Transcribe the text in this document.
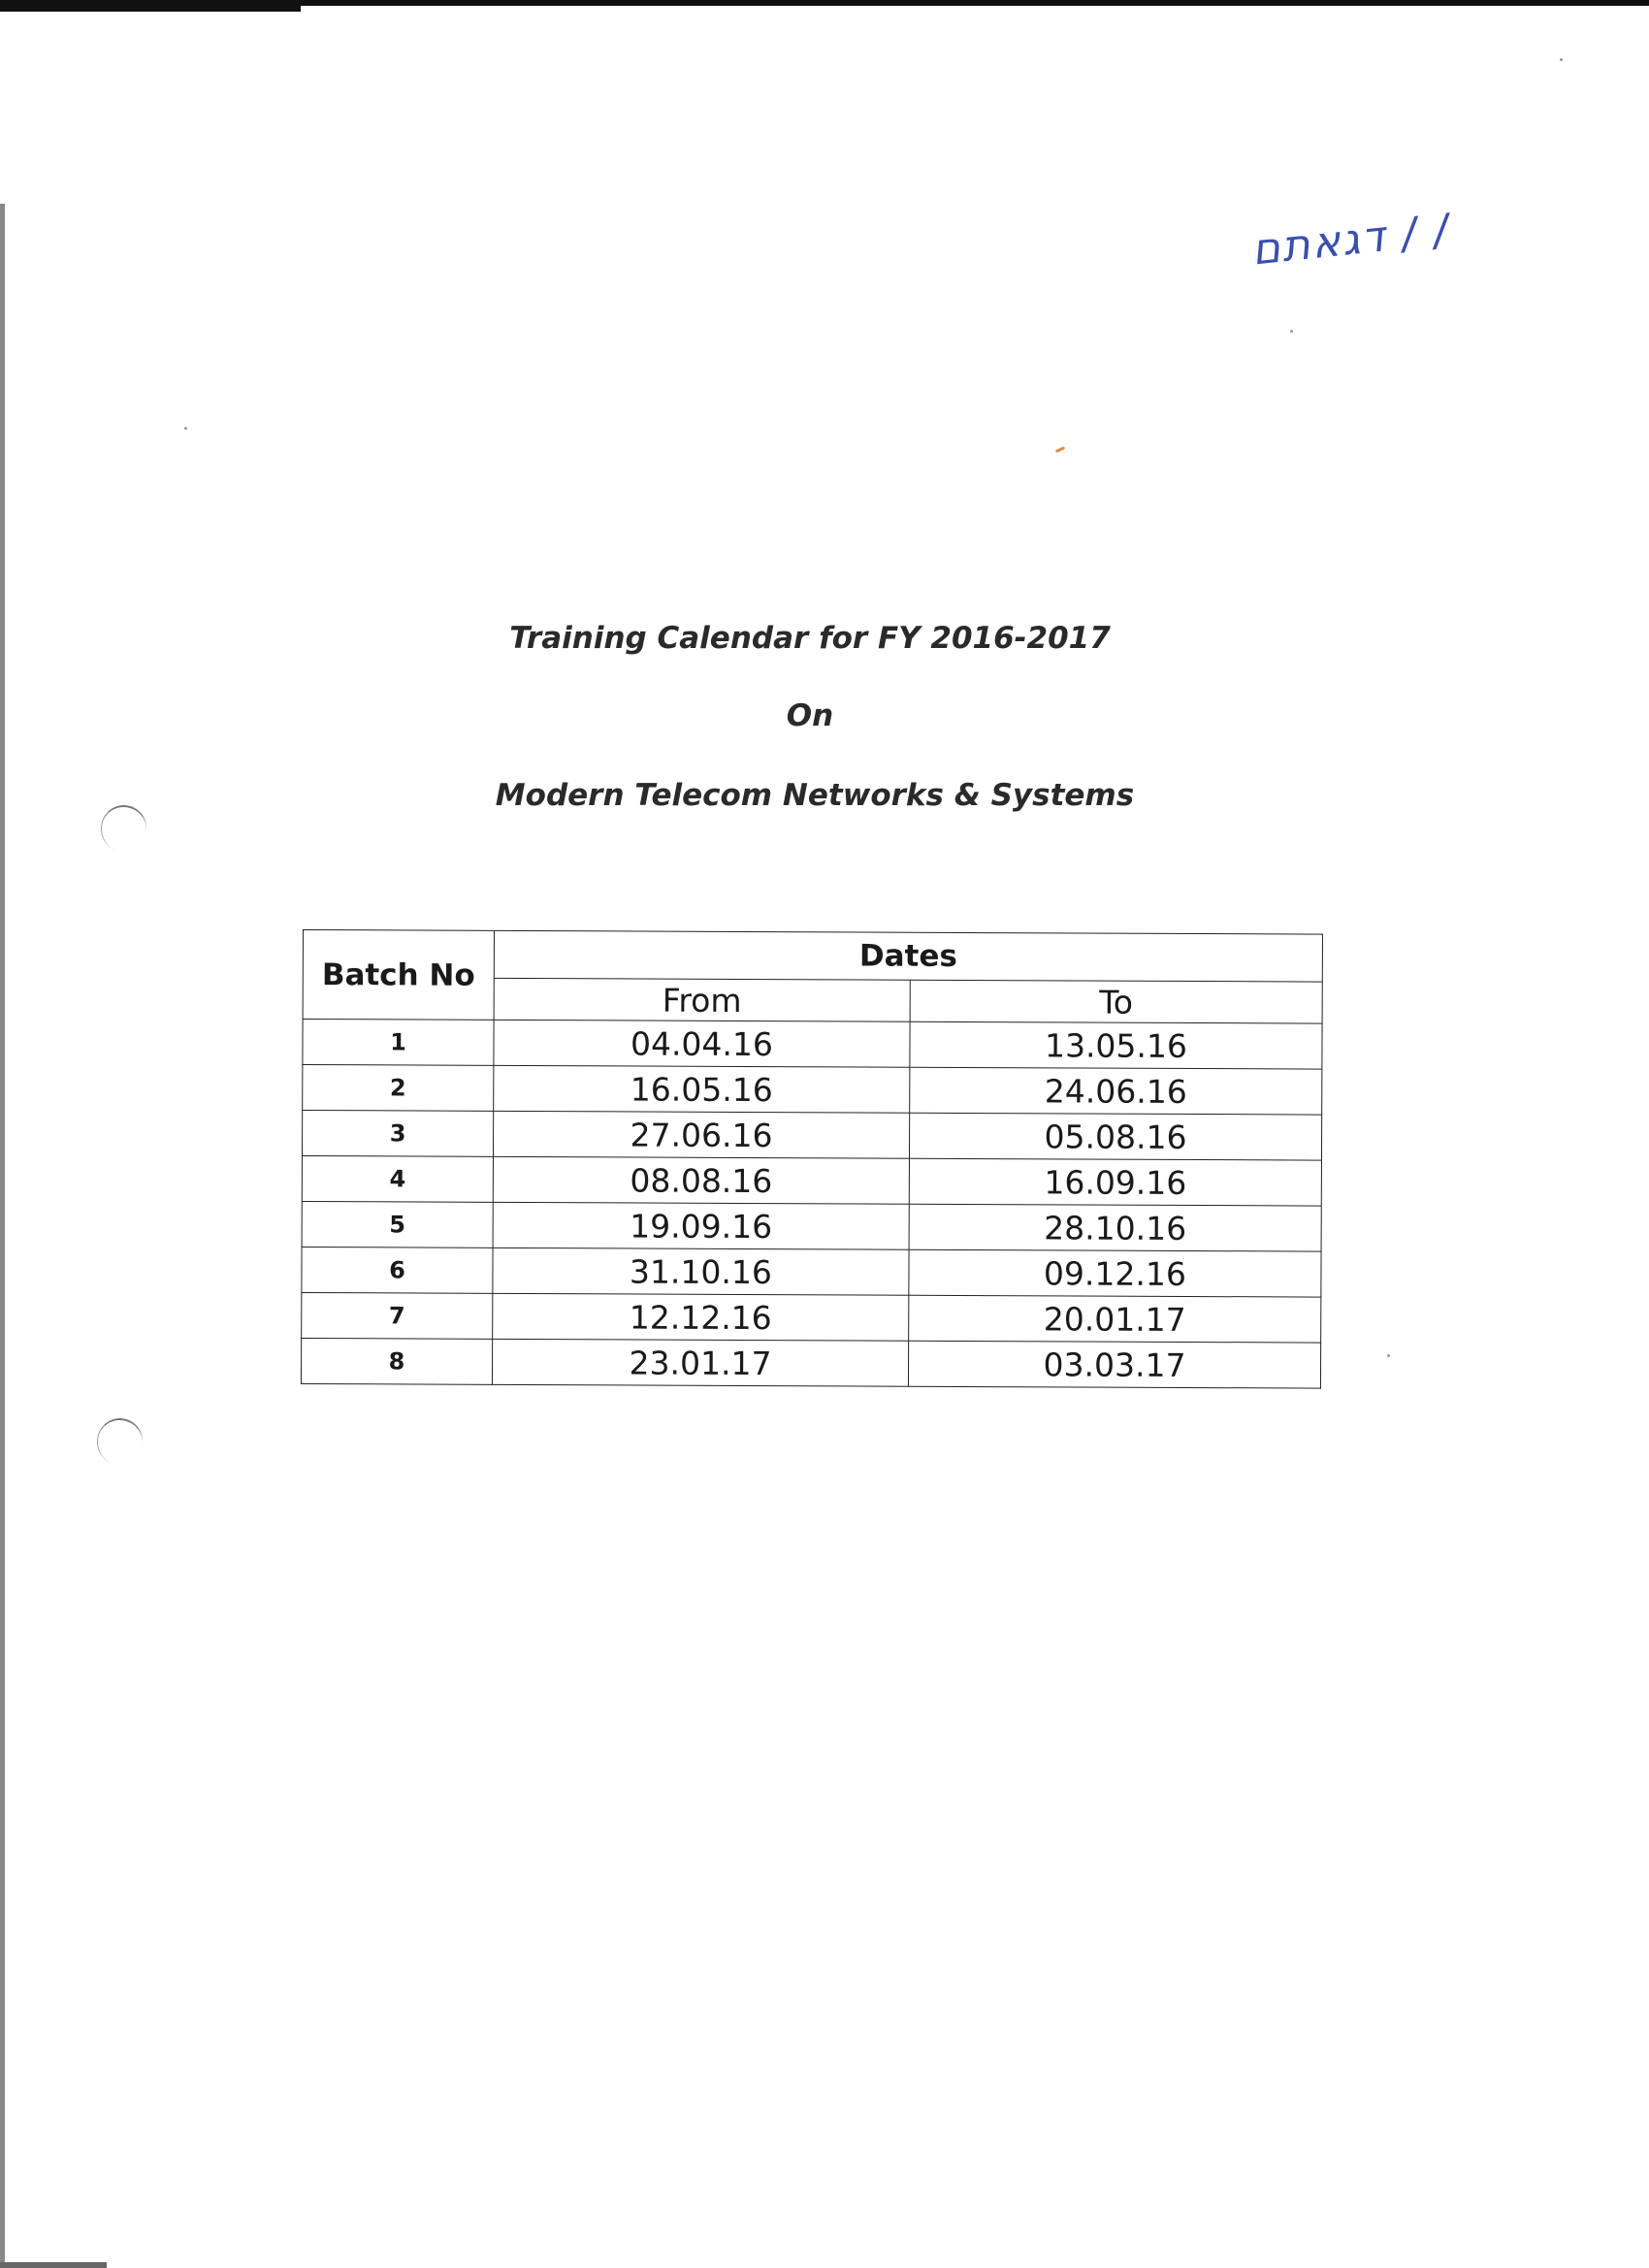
דגאתם / /
Training Calendar for FY 2016-2017
On
Modern Telecom Networks & Systems
Batch No	Dates	
	From	To
1	04.04.16	13.05.16
2	16.05.16	24.06.16
3	27.06.16	05.08.16
4	08.08.16	16.09.16
5	19.09.16	28.10.16
6	31.10.16	09.12.16
7	12.12.16	20.01.17
8	23.01.17	03.03.17
